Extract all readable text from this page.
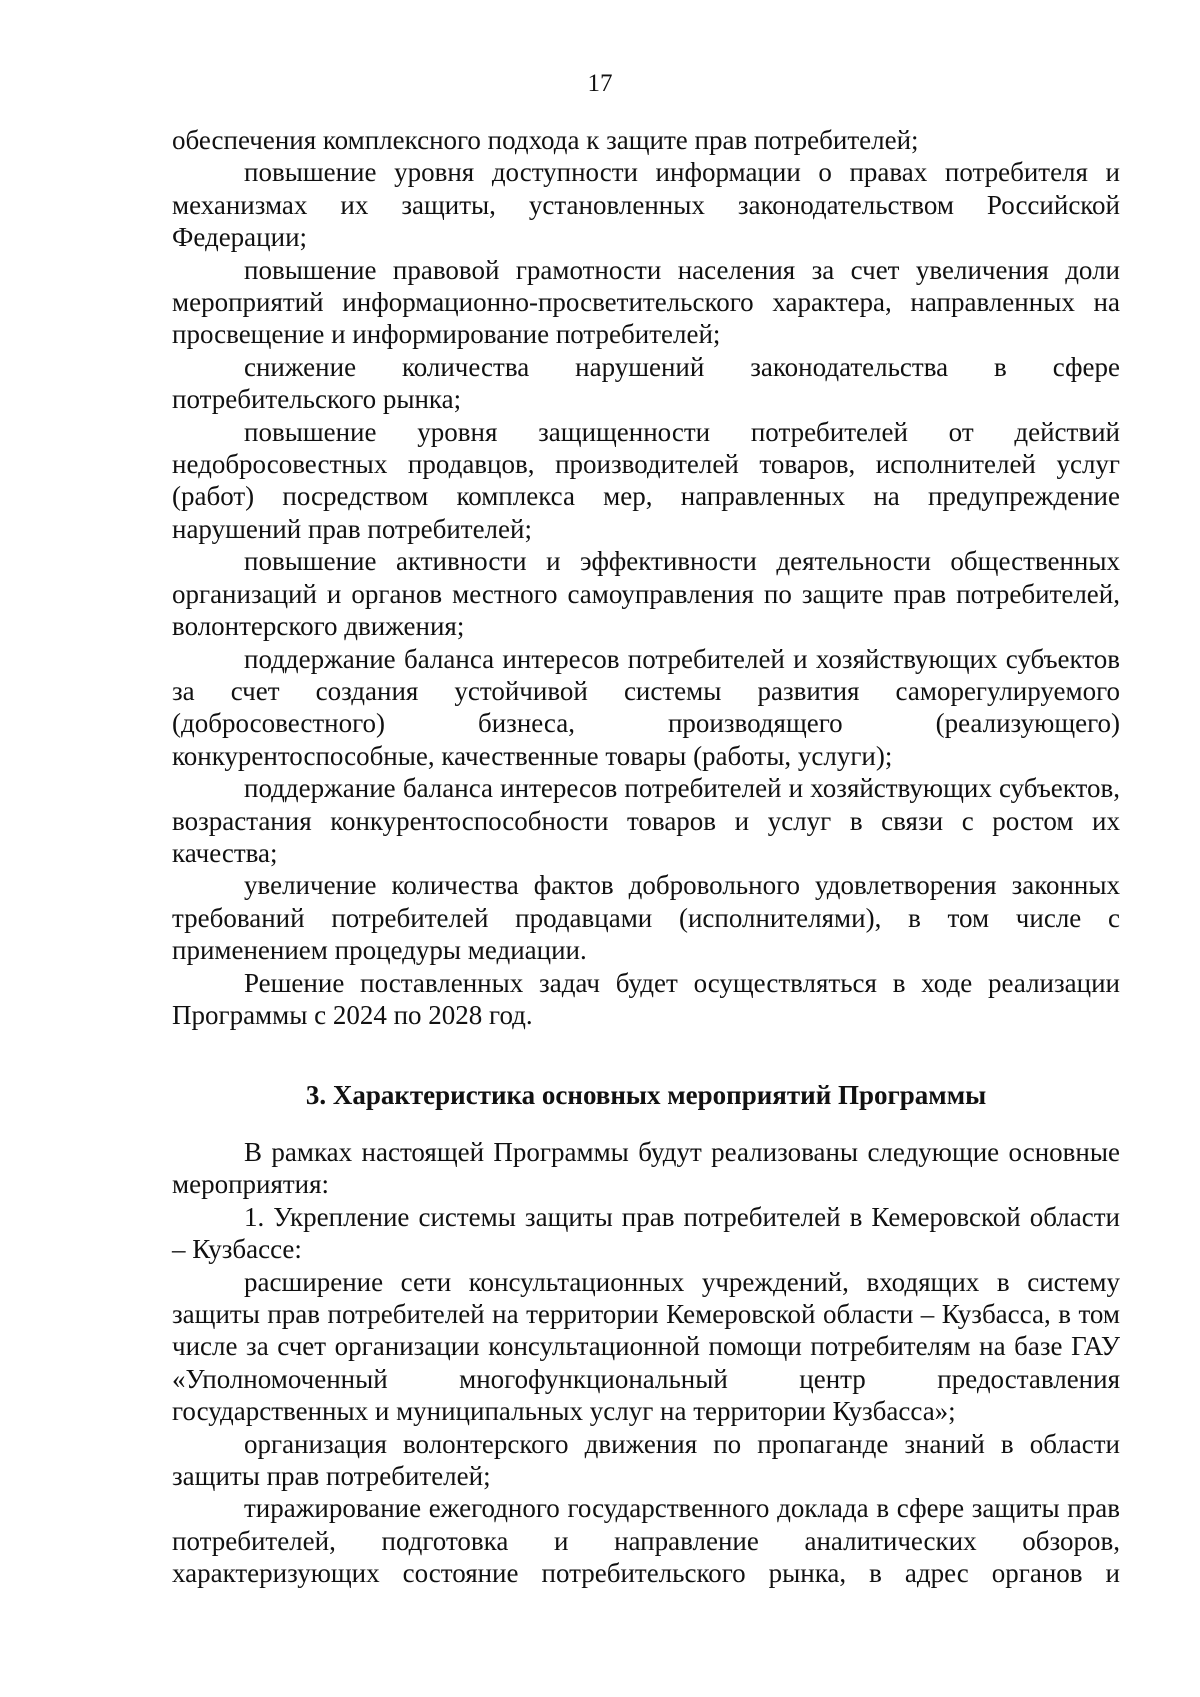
17

обеспечения комплексного подхода к защите прав потребителей;

повышение уровня доступности информации о правах потребителя и механизмах их защиты, установленных законодательством Российской Федерации;

повышение правовой грамотности населения за счет увеличения доли мероприятий информационно-просветительского характера, направленных на просвещение и информирование потребителей;

снижение количества нарушений законодательства в сфере потребительского рынка;

повышение уровня защищенности потребителей от действий недобросовестных продавцов, производителей товаров, исполнителей услуг (работ) посредством комплекса мер, направленных на предупреждение нарушений прав потребителей;

повышение активности и эффективности деятельности общественных организаций и органов местного самоуправления по защите прав потребителей, волонтерского движения;

поддержание баланса интересов потребителей и хозяйствующих субъектов за счет создания устойчивой системы развития саморегулируемого (добросовестного) бизнеса, производящего (реализующего) конкурентоспособные, качественные товары (работы, услуги);

поддержание баланса интересов потребителей и хозяйствующих субъектов, возрастания конкурентоспособности товаров и услуг в связи с ростом их качества;

увеличение количества фактов добровольного удовлетворения законных требований потребителей продавцами (исполнителями), в том числе с применением процедуры медиации.

Решение поставленных задач будет осуществляться в ходе реализации Программы с 2024 по 2028 год.

3. Характеристика основных мероприятий Программы

В рамках настоящей Программы будут реализованы следующие основные мероприятия:

1. Укрепление системы защиты прав потребителей в Кемеровской области – Кузбассе:

расширение сети консультационных учреждений, входящих в систему защиты прав потребителей на территории Кемеровской области – Кузбасса, в том числе за счет организации консультационной помощи потребителям на базе ГАУ «Уполномоченный многофункциональный центр предоставления государственных и муниципальных услуг на территории Кузбасса»;

организация волонтерского движения по пропаганде знаний в области защиты прав потребителей;

тиражирование ежегодного государственного доклада в сфере защиты прав потребителей, подготовка и направление аналитических обзоров, характеризующих состояние потребительского рынка, в адрес органов и
